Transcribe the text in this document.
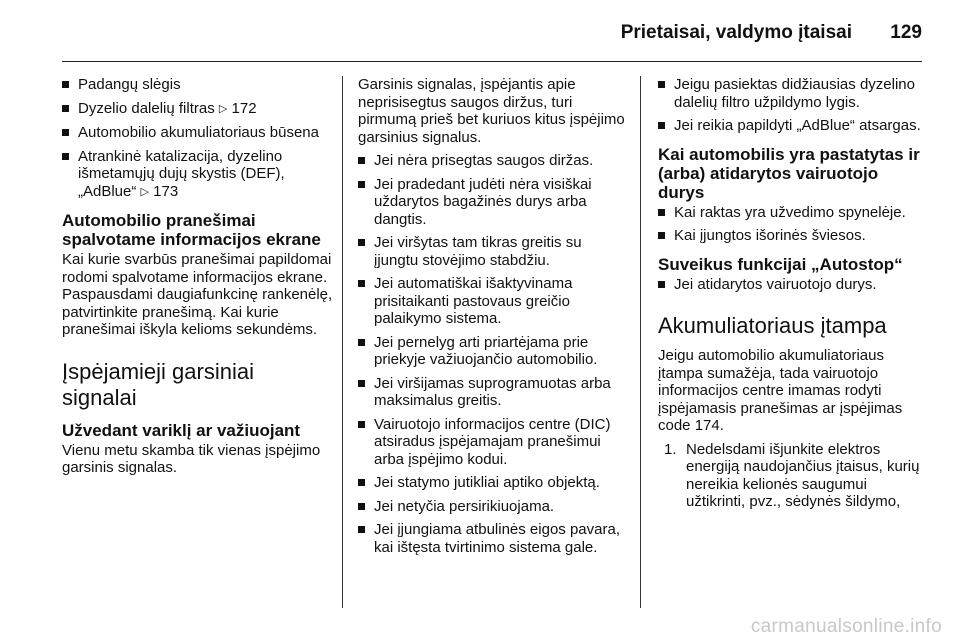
Prietaisai, valdymo įtaisai 129
Padangų slėgis
Dyzelio dalelių filtras ▷ 172
Automobilio akumuliatoriaus būsena
Atrankinė katalizacija, dyzelino išmetamųjų dujų skystis (DEF), „AdBlue“ ▷ 173
Automobilio pranešimai spalvotame informacijos ekrane

Kai kurie svarbūs pranešimai papildomai rodomi spalvotame informacijos ekrane. Paspausdami daugiafunkcinę rankenėlę, patvirtinkite pranešimą. Kai kurie pranešimai iškyla kelioms sekundėms.

Įspėjamieji garsiniai signalai
Užvedant variklį ar važiuojant

Vienu metu skamba tik vienas įspėjimo garsinis signalas.

Garsinis signalas, įspėjantis apie neprisisegtus saugos diržus, turi pirmumą prieš bet kuriuos kitus įspėjimo garsinius signalus.

Jei nėra prisegtas saugos diržas.
Jei pradedant judėti nėra visiškai uždarytos bagažinės durys arba dangtis.
Jei viršytas tam tikras greitis su įjungtu stovėjimo stabdžiu.
Jei automatiškai išaktyvinama prisitaikanti pastovaus greičio palaikymo sistema.
Jei pernelyg arti priartėjama prie priekyje važiuojančio automobilio.
Jei viršijamas suprogramuotas arba maksimalus greitis.
Vairuotojo informacijos centre (DIC) atsiradus įspėjamajam pranešimui arba įspėjimo kodui.
Jei statymo jutikliai aptiko objektą.
Jei netyčia persirikiuojama.
Jei įjungiama atbulinės eigos pavara, kai ištęsta tvirtinimo sistema gale.
Jeigu pasiektas didžiausias dyzelino dalelių filtro užpildymo lygis.
Jei reikia papildyti „AdBlue“ atsargas.
Kai automobilis yra pastatytas ir (arba) atidarytos vairuotojo durys
Kai raktas yra užvedimo spynelėje.
Kai įjungtos išorinės šviesos.
Suveikus funkcijai „Autostop“
Jei atidarytos vairuotojo durys.
Akumuliatoriaus įtampa

Jeigu automobilio akumuliatoriaus įtampa sumažėja, tada vairuotojo informacijos centre imamas rodyti įspėjamasis pranešimas ar įspėjimas code 174.

1. Nedelsdami išjunkite elektros energiją naudojančius įtaisus, kurių nereikia kelionės saugumui užtikrinti, pvz., sėdynės šildymo,
carmanualsonline.info
